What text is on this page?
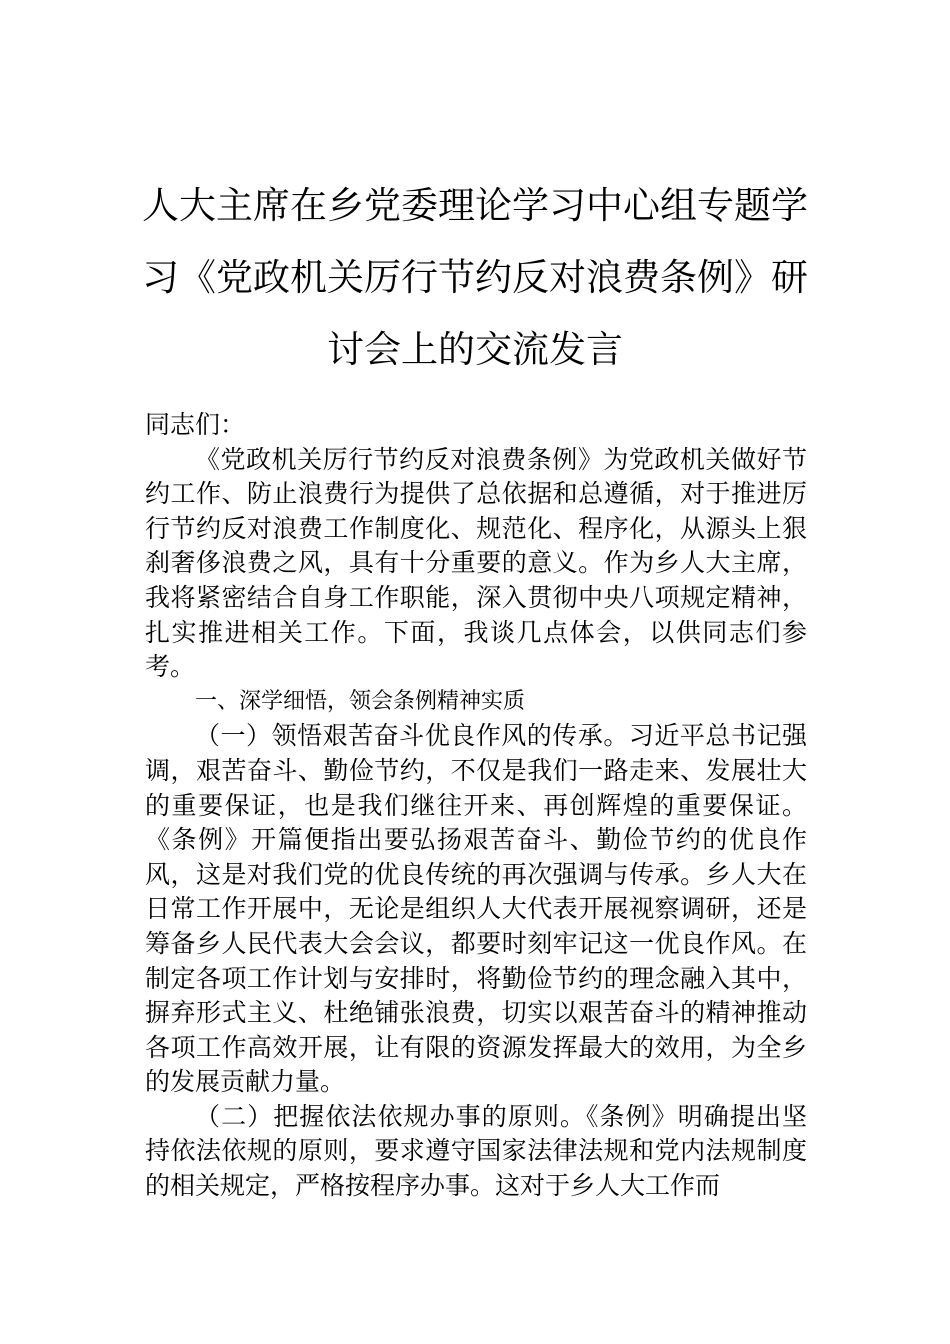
人大主席在乡党委理论学习中心组专题学
习《党政机关厉行节约反对浪费条例》研
讨会上的交流发言

同志们：

《党政机关厉行节约反对浪费条例》为党政机关做好节约工作、防止浪费行为提供了总依据和总遵循，对于推进厉行节约反对浪费工作制度化、规范化、程序化，从源头上狠刹奢侈浪费之风，具有十分重要的意义。作为乡人大主席，我将紧密结合自身工作职能，深入贯彻中央八项规定精神，扎实推进相关工作。下面，我谈几点体会，以供同志们参考。

一、深学细悟，领会条例精神实质

（一）领悟艰苦奋斗优良作风的传承。习近平总书记强调，艰苦奋斗、勤俭节约，不仅是我们一路走来、发展壮大的重要保证，也是我们继往开来、再创辉煌的重要保证。《条例》开篇便指出要弘扬艰苦奋斗、勤俭节约的优良作风，这是对我们党的优良传统的再次强调与传承。乡人大在日常工作开展中，无论是组织人大代表开展视察调研，还是筹备乡人民代表大会会议，都要时刻牢记这一优良作风。在制定各项工作计划与安排时，将勤俭节约的理念融入其中，摒弃形式主义、杜绝铺张浪费，切实以艰苦奋斗的精神推动各项工作高效开展，让有限的资源发挥最大的效用，为全乡的发展贡献力量。

（二）把握依法依规办事的原则。《条例》明确提出坚持依法依规的原则，要求遵守国家法律法规和党内法规制度的相关规定，严格按程序办事。这对于乡人大工作而
